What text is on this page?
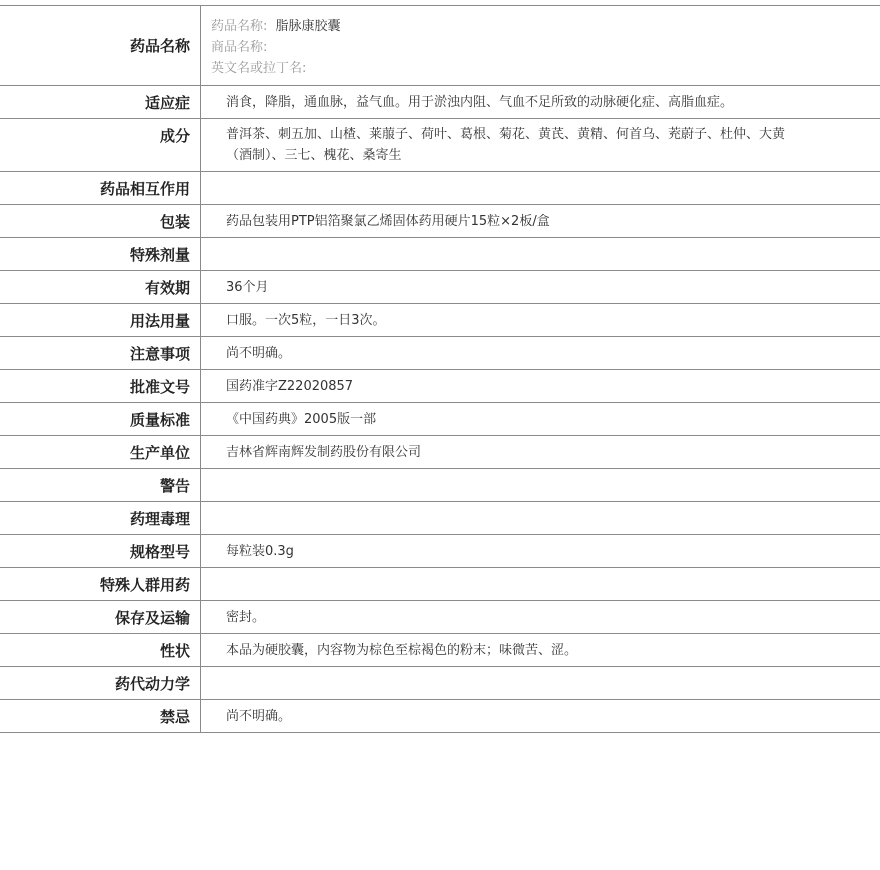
药品名称	药品名称: 脂脉康胶囊
商品名称:
英文名或拉丁名:

适应症	消食，降脂，通血脉，益气血。用于淤浊内阻、气血不足所致的动脉硬化症、高脂血症。
成分	普洱茶、刺五加、山楂、莱菔子、荷叶、葛根、菊花、黄芪、黄精、何首乌、茺蔚子、杜仲、大黄（酒制）、三七、槐花、桑寄生
药品相互作用	
包装	药品包装用PTP铝箔聚氯乙烯固体药用硬片15粒×2板/盒
特殊剂量	
有效期	36个月
用法用量	口服。一次5粒，一日3次。
注意事项	尚不明确。
批准文号	国药准字Z22020857
质量标准	《中国药典》2005版一部
生产单位	吉林省辉南辉发制药股份有限公司
警告	
药理毒理	
规格型号	每粒装0.3g
特殊人群用药	
保存及运输	密封。
性状	本品为硬胶囊，内容物为棕色至棕褐色的粉末；味微苦、涩。
药代动力学	
禁忌	尚不明确。
